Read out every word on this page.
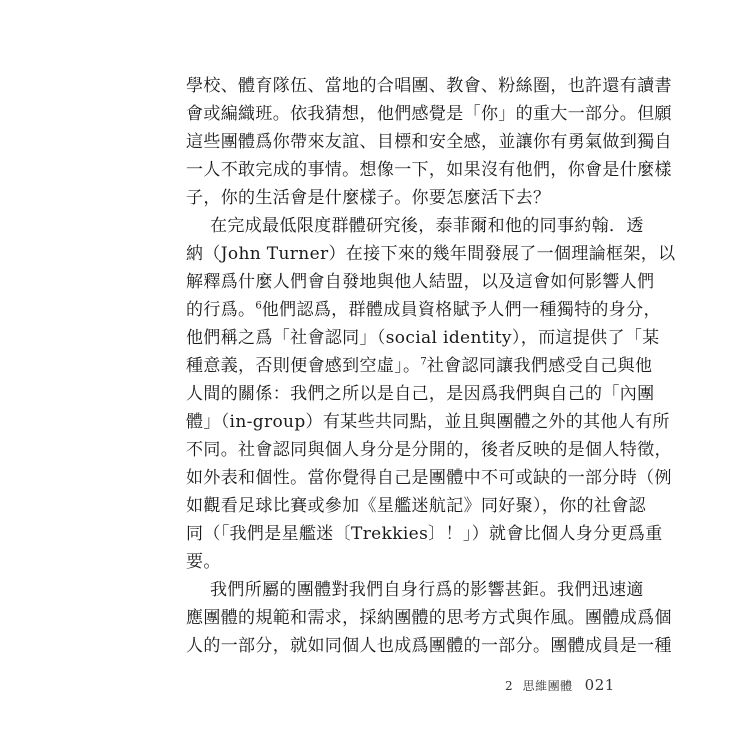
學校、體育隊伍、當地的合唱團、教會、粉絲圈，也許還有讀書
會或編織班。依我猜想，他們感覺是「你」的重大一部分。但願
這些團體爲你帶來友誼、目標和安全感，並讓你有勇氣做到獨自
一人不敢完成的事情。想像一下，如果沒有他們，你會是什麼樣
子，你的生活會是什麼樣子。你要怎麼活下去？
在完成最低限度群體研究後，泰菲爾和他的同事約翰．透
納（John Turner）在接下來的幾年間發展了一個理論框架，以
解釋爲什麼人們會自發地與他人結盟，以及這會如何影響人們
的行爲。$^6$他們認爲，群體成員資格賦予人們一種獨特的身分，
他們稱之爲「社會認同」（social identity），而這提供了「某
種意義，否則便會感到空虛」。$^7$社會認同讓我們感受自己與他
人間的關係：我們之所以是自己，是因爲我們與自己的「內團
體」（in-group）有某些共同點，並且與團體之外的其他人有所
不同。社會認同與個人身分是分開的，後者反映的是個人特徵，
如外表和個性。當你覺得自己是團體中不可或缺的一部分時（例
如觀看足球比賽或參加《星艦迷航記》同好聚），你的社會認
同（「我們是星艦迷〔Trekkies〕！」）就會比個人身分更爲重
要。
我們所屬的團體對我們自身行爲的影響甚鉅。我們迅速適
應團體的規範和需求，採納團體的思考方式與作風。團體成爲個
人的一部分，就如同個人也成爲團體的一部分。團體成員是一種
2 思維團體 021
